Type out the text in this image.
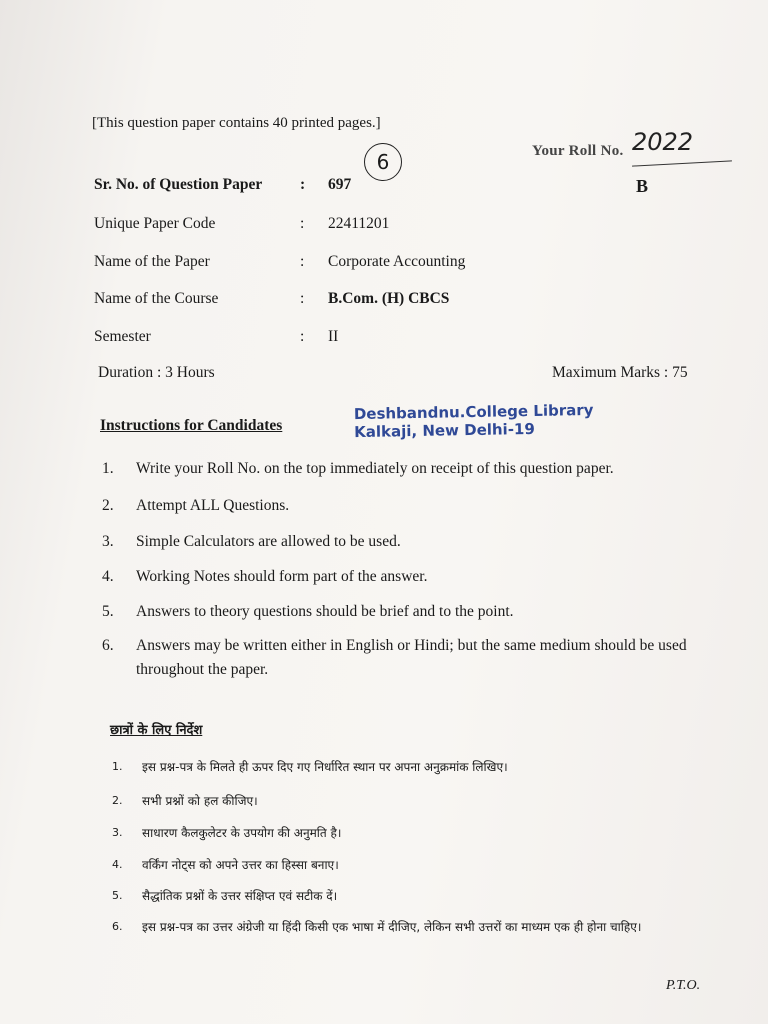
[This question paper contains 40 printed pages.]
6	Your Roll No. 2022
B
Sr. No. of Question Paper	: 697
Unique Paper Code	: 22411201
Name of the Paper	: Corporate Accounting
Name of the Course	: B.Com. (H) CBCS
Semester	: II
Duration : 3 Hours	Maximum Marks : 75
Instructions for Candidates
Deshbandnu.College Library
Kalkaji, New Delhi-19
1. Write your Roll No. on the top immediately on receipt of this question paper.
2. Attempt ALL Questions.
3. Simple Calculators are allowed to be used.
4. Working Notes should form part of the answer.
5. Answers to theory questions should be brief and to the point.
6. Answers may be written either in English or Hindi; but the same medium should be used throughout the paper.
छात्रों के लिए निर्देश
1. इस प्रश्न-पत्र के मिलते ही ऊपर दिए गए निर्धारित स्थान पर अपना अनुक्रमांक लिखिए।
2. सभी प्रश्नों को हल कीजिए।
3. साधारण कैलकुलेटर के उपयोग की अनुमति है।
4. वर्किंग नोट्स को अपने उत्तर का हिस्सा बनाए।
5. सैद्धांतिक प्रश्नों के उत्तर संक्षिप्त एवं सटीक दें।
6. इस प्रश्न-पत्र का उत्तर अंग्रेजी या हिंदी किसी एक भाषा में दीजिए, लेकिन सभी उत्तरों का माध्यम एक ही होना चाहिए।
P.T.O.
